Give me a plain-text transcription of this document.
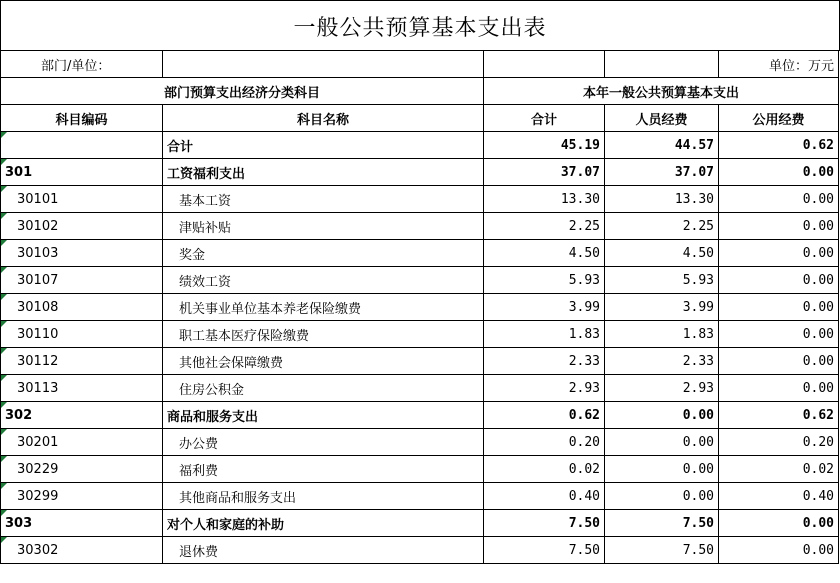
一般公共预算基本支出表
部门/单位：				单位：万元
部门预算支出经济分类科目		本年一般公共预算基本支出		
科目编码	科目名称	合计	人员经费	公用经费
	合计	45.19	44.57	0.62
301	工资福利支出	37.07	37.07	0.00
30101	基本工资	13.30	13.30	0.00
30102	津贴补贴	2.25	2.25	0.00
30103	奖金	4.50	4.50	0.00
30107	绩效工资	5.93	5.93	0.00
30108	机关事业单位基本养老保险缴费	3.99	3.99	0.00
30110	职工基本医疗保险缴费	1.83	1.83	0.00
30112	其他社会保障缴费	2.33	2.33	0.00
30113	住房公积金	2.93	2.93	0.00
302	商品和服务支出	0.62	0.00	0.62
30201	办公费	0.20	0.00	0.20
30229	福利费	0.02	0.00	0.02
30299	其他商品和服务支出	0.40	0.00	0.40
303	对个人和家庭的补助	7.50	7.50	0.00
30302	退休费	7.50	7.50	0.00
